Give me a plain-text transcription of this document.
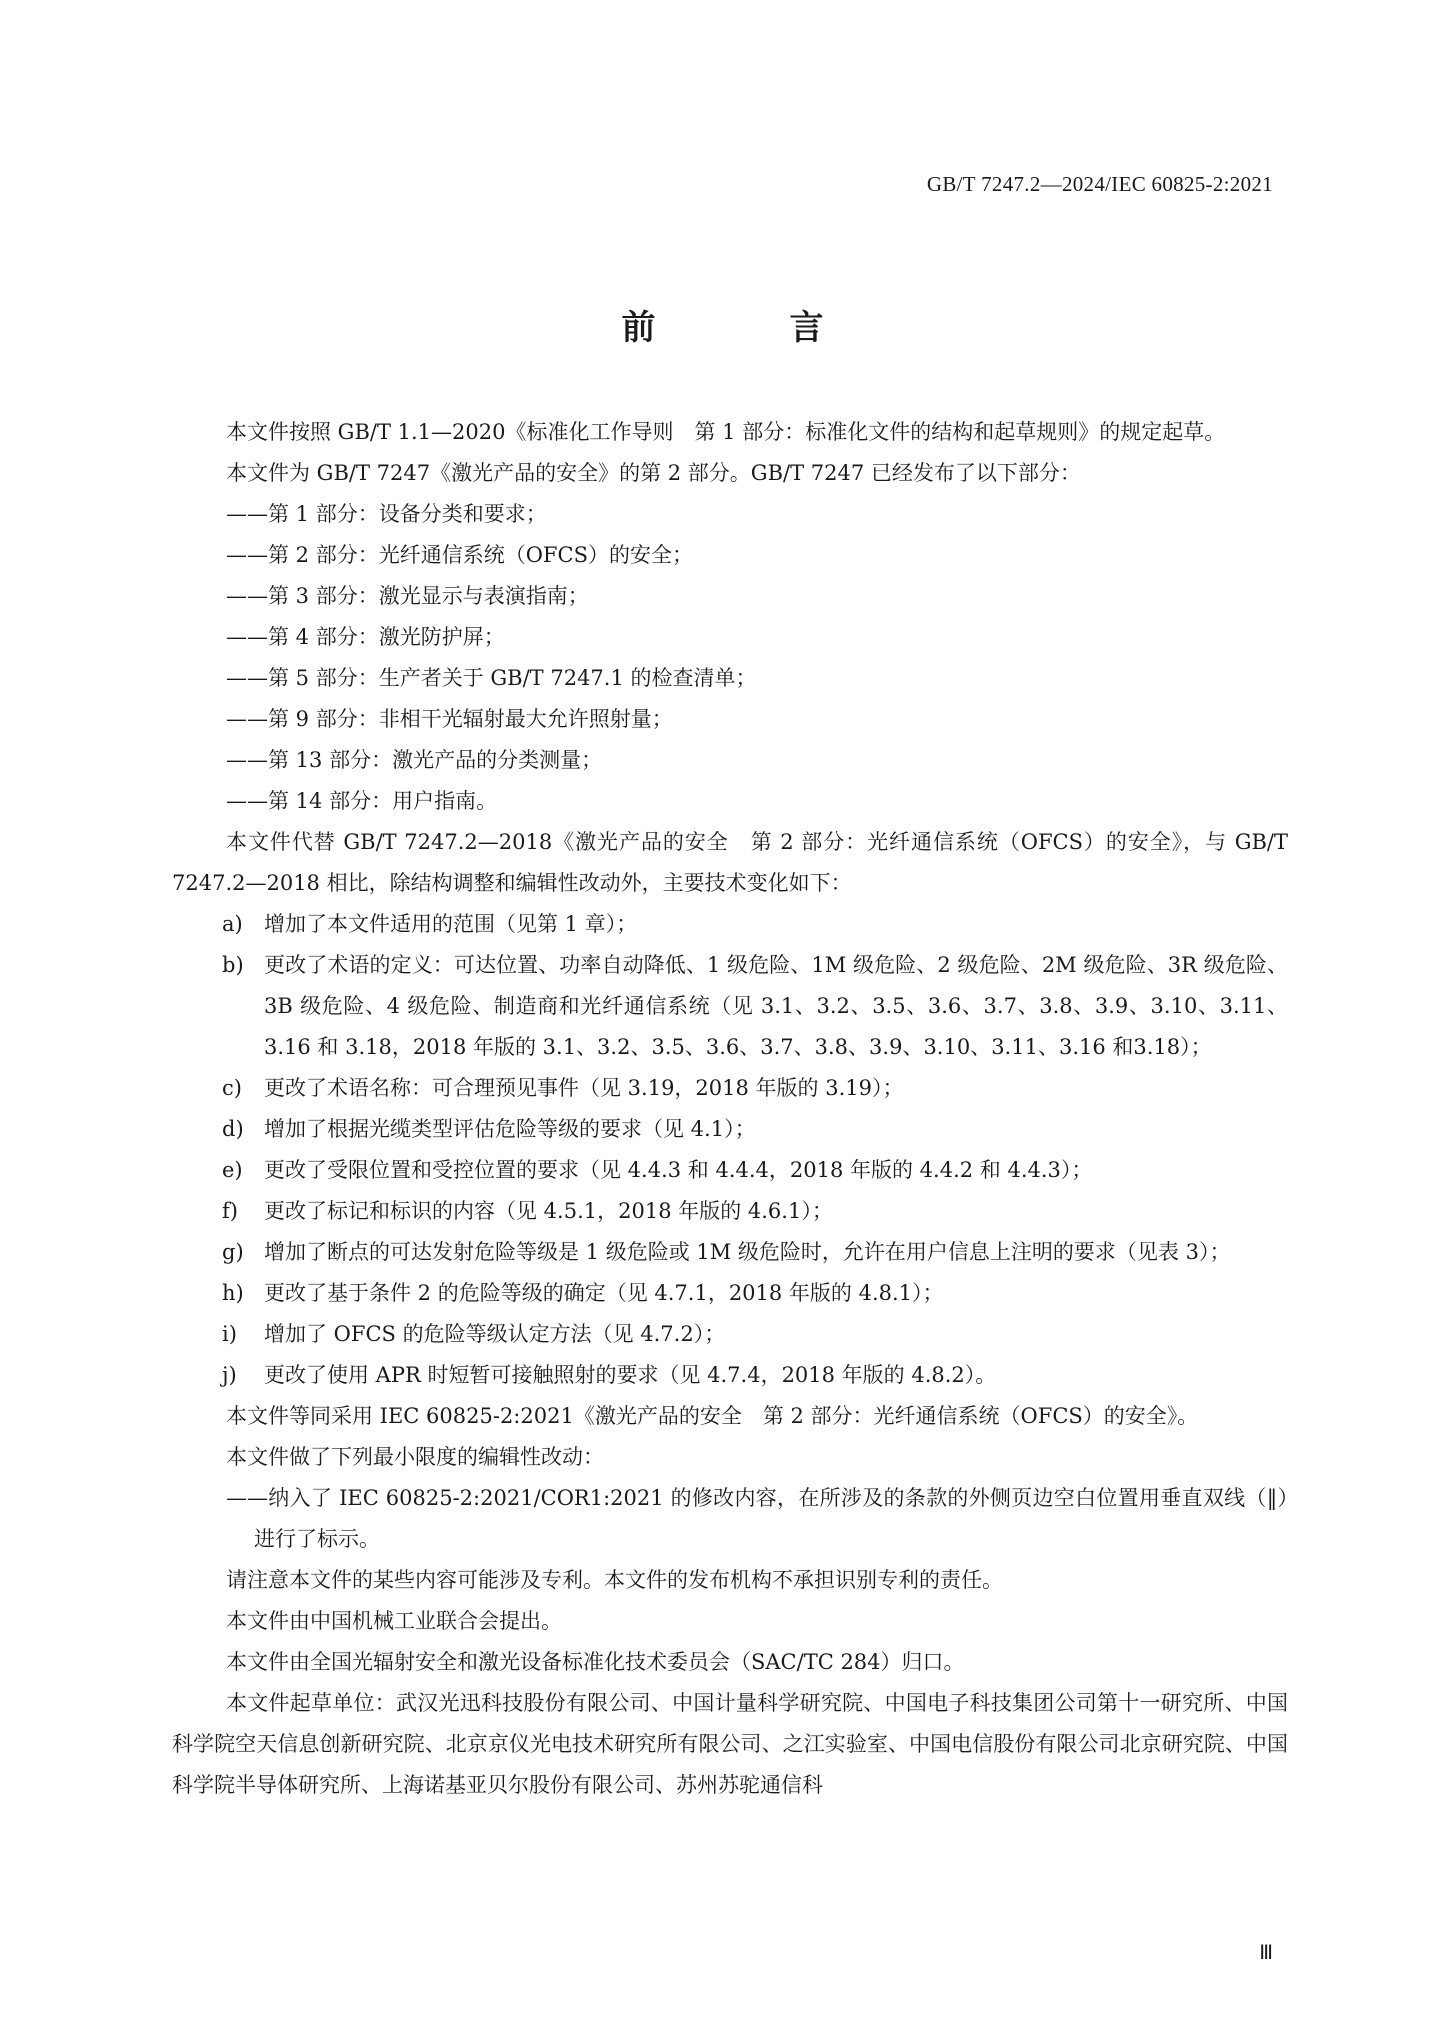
GB/T 7247.2—2024/IEC 60825-2:2021
前　言

本文件按照 GB/T 1.1—2020《标准化工作导则　第 1 部分：标准化文件的结构和起草规则》的规定起草。

本文件为 GB/T 7247《激光产品的安全》的第 2 部分。GB/T 7247 已经发布了以下部分：

——第 1 部分：设备分类和要求；

——第 2 部分：光纤通信系统（OFCS）的安全；

——第 3 部分：激光显示与表演指南；

——第 4 部分：激光防护屏；

——第 5 部分：生产者关于 GB/T 7247.1 的检查清单；

——第 9 部分：非相干光辐射最大允许照射量；

——第 13 部分：激光产品的分类测量；

——第 14 部分：用户指南。

本文件代替 GB/T 7247.2—2018《激光产品的安全　第 2 部分：光纤通信系统（OFCS）的安全》，与 GB/T 7247.2—2018 相比，除结构调整和编辑性改动外，主要技术变化如下：

a) 增加了本文件适用的范围（见第 1 章）；

b) 更改了术语的定义：可达位置、功率自动降低、1 级危险、1M 级危险、2 级危险、2M 级危险、3R 级危险、3B 级危险、4 级危险、制造商和光纤通信系统（见 3.1、3.2、3.5、3.6、3.7、3.8、3.9、3.10、3.11、3.16 和 3.18，2018 年版的 3.1、3.2、3.5、3.6、3.7、3.8、3.9、3.10、3.11、3.16 和3.18）；

c) 更改了术语名称：可合理预见事件（见 3.19，2018 年版的 3.19）；

d) 增加了根据光缆类型评估危险等级的要求（见 4.1）；

e) 更改了受限位置和受控位置的要求（见 4.4.3 和 4.4.4，2018 年版的 4.4.2 和 4.4.3）；

f) 更改了标记和标识的内容（见 4.5.1，2018 年版的 4.6.1）；

g) 增加了断点的可达发射危险等级是 1 级危险或 1M 级危险时，允许在用户信息上注明的要求（见表 3）；

h) 更改了基于条件 2 的危险等级的确定（见 4.7.1，2018 年版的 4.8.1）；

i) 增加了 OFCS 的危险等级认定方法（见 4.7.2）；

j) 更改了使用 APR 时短暂可接触照射的要求（见 4.7.4，2018 年版的 4.8.2）。

本文件等同采用 IEC 60825-2:2021《激光产品的安全　第 2 部分：光纤通信系统（OFCS）的安全》。

本文件做了下列最小限度的编辑性改动：

——纳入了 IEC 60825-2:2021/COR1:2021 的修改内容，在所涉及的条款的外侧页边空白位置用垂直双线（‖）进行了标示。

请注意本文件的某些内容可能涉及专利。本文件的发布机构不承担识别专利的责任。

本文件由中国机械工业联合会提出。

本文件由全国光辐射安全和激光设备标准化技术委员会（SAC/TC 284）归口。

本文件起草单位：武汉光迅科技股份有限公司、中国计量科学研究院、中国电子科技集团公司第十一研究所、中国科学院空天信息创新研究院、北京京仪光电技术研究所有限公司、之江实验室、中国电信股份有限公司北京研究院、中国科学院半导体研究所、上海诺基亚贝尔股份有限公司、苏州苏驼通信科

Ⅲ
